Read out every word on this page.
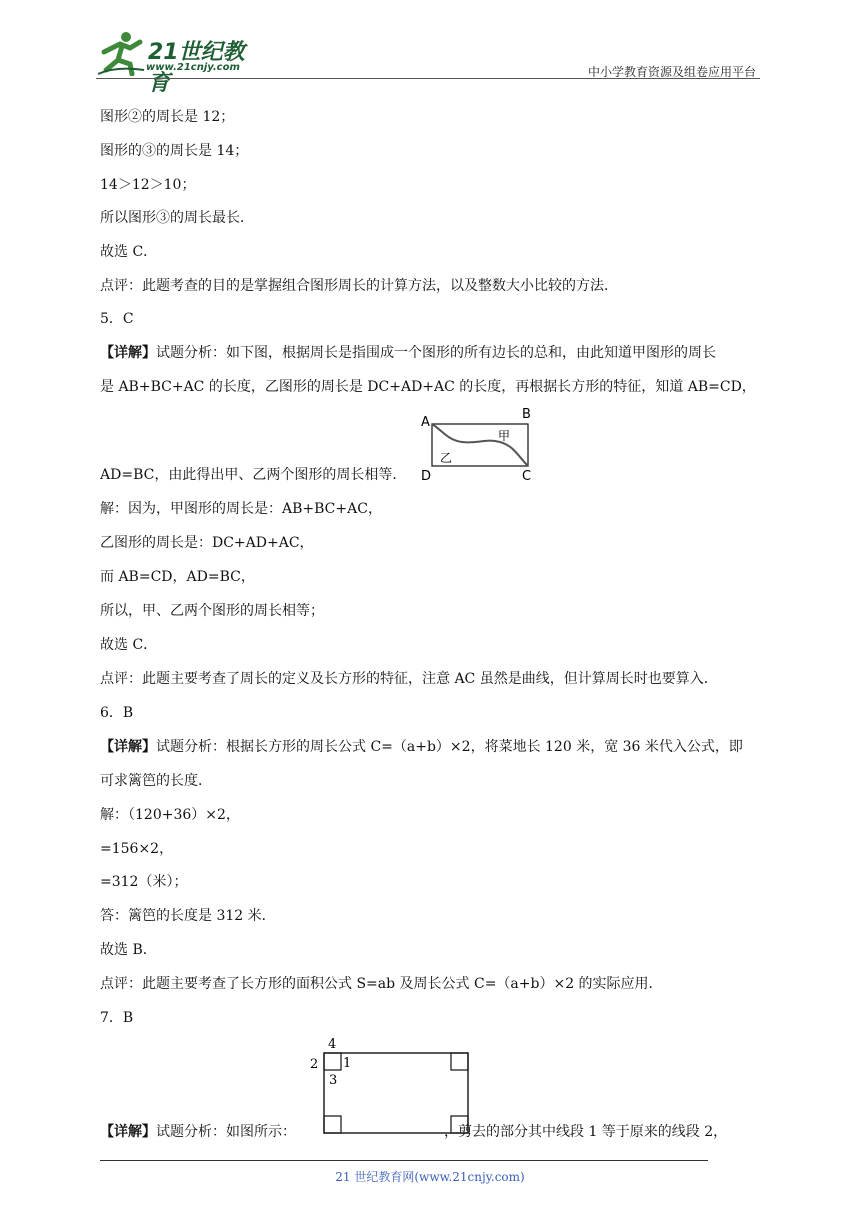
21世纪教育
www.21cnjy.com	中小学教育资源及组卷应用平台
图形②的周长是 12；
图形的③的周长是 14；
14＞12＞10；
所以图形③的周长最长．
故选 C．
点评：此题考查的目的是掌握组合图形周长的计算方法，以及整数大小比较的方法．
5．C
【详解】试题分析：如下图，根据周长是指围成一个图形的所有边长的总和，由此知道甲图形的周长
是 AB+BC+AC 的长度，乙图形的周长是 DC+AD+AC 的长度，再根据长方形的特征，知道 AB=CD，
A
B
C
D
甲
乙
AD=BC，由此得出甲、乙两个图形的周长相等．
解：因为，甲图形的周长是：AB+BC+AC，
乙图形的周长是：DC+AD+AC，
而 AB=CD，AD=BC，
所以，甲、乙两个图形的周长相等；
故选 C．
点评：此题主要考查了周长的定义及长方形的特征，注意 AC 虽然是曲线，但计算周长时也要算入．
6．B
【详解】试题分析：根据长方形的周长公式 C=（a+b）×2，将菜地长 120 米，宽 36 米代入公式，即
可求篱笆的长度．
解：（120+36）×2，
=156×2，
=312（米）；
答：篱笆的长度是 312 米．
故选 B．
点评：此题主要考查了长方形的面积公式 S=ab 及周长公式 C=（a+b）×2 的实际应用．
7．B
4
2 1
3
【详解】试题分析：如图所示：	，剪去的部分其中线段 1 等于原来的线段 2，
21 世纪教育网(www.21cnjy.com)
